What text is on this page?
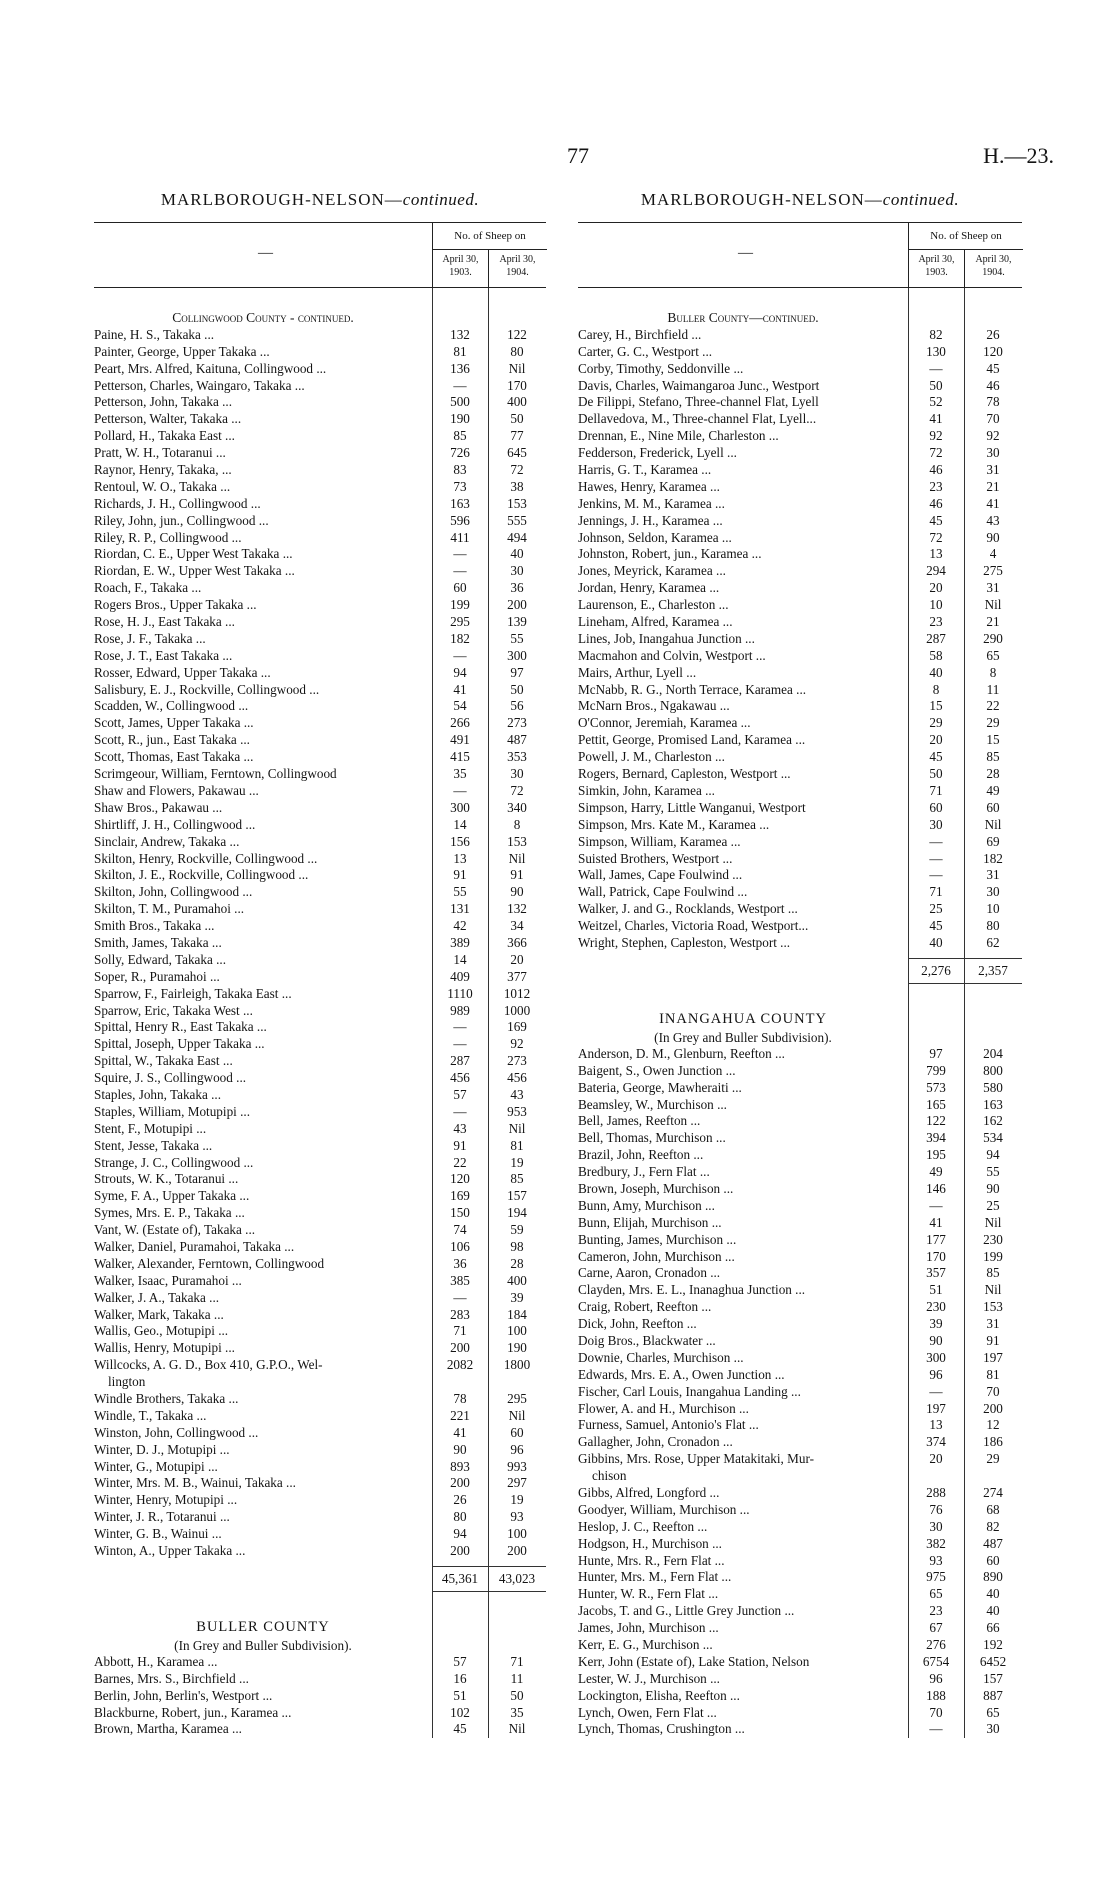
77	H.—23.
MARLBOROUGH-NELSON—continued.
—
No. of Sheep on
April 30, 1903.
April 30, 1904.
Collingwood County - continued.
Paine, H. S., Takaka ...	132	122
Painter, George, Upper Takaka ...	81	80
Peart, Mrs. Alfred, Kaituna, Collingwood ...	136	Nil
Petterson, Charles, Waingaro, Takaka ...	—	170
Petterson, John, Takaka ...	500	400
Petterson, Walter, Takaka ...	190	50
Pollard, H., Takaka East ...	85	77
Pratt, W. H., Totaranui ...	726	645
Raynor, Henry, Takaka, ...	83	72
Rentoul, W. O., Takaka ...	73	38
Richards, J. H., Collingwood ...	163	153
Riley, John, jun., Collingwood ...	596	555
Riley, R. P., Collingwood ...	411	494
Riordan, C. E., Upper West Takaka ...	—	40
Riordan, E. W., Upper West Takaka ...	—	30
Roach, F., Takaka ...	60	36
Rogers Bros., Upper Takaka ...	199	200
Rose, H. J., East Takaka ...	295	139
Rose, J. F., Takaka ...	182	55
Rose, J. T., East Takaka ...	—	300
Rosser, Edward, Upper Takaka ...	94	97
Salisbury, E. J., Rockville, Collingwood ...	41	50
Scadden, W., Collingwood ...	54	56
Scott, James, Upper Takaka ...	266	273
Scott, R., jun., East Takaka ...	491	487
Scott, Thomas, East Takaka ...	415	353
Scrimgeour, William, Ferntown, Collingwood	35	30
Shaw and Flowers, Pakawau ...	—	72
Shaw Bros., Pakawau ...	300	340
Shirtliff, J. H., Collingwood ...	14	8
Sinclair, Andrew, Takaka ...	156	153
Skilton, Henry, Rockville, Collingwood ...	13	Nil
Skilton, J. E., Rockville, Collingwood ...	91	91
Skilton, John, Collingwood ...	55	90
Skilton, T. M., Puramahoi ...	131	132
Smith Bros., Takaka ...	42	34
Smith, James, Takaka ...	389	366
Solly, Edward, Takaka ...	14	20
Soper, R., Puramahoi ...	409	377
Sparrow, F., Fairleigh, Takaka East ...	1110	1012
Sparrow, Eric, Takaka West ...	989	1000
Spittal, Henry R., East Takaka ...	—	169
Spittal, Joseph, Upper Takaka ...	—	92
Spittal, W., Takaka East ...	287	273
Squire, J. S., Collingwood ...	456	456
Staples, John, Takaka ...	57	43
Staples, William, Motupipi ...	—	953
Stent, F., Motupipi ...	43	Nil
Stent, Jesse, Takaka ...	91	81
Strange, J. C., Collingwood ...	22	19
Strouts, W. K., Totaranui ...	120	85
Syme, F. A., Upper Takaka ...	169	157
Symes, Mrs. E. P., Takaka ...	150	194
Vant, W. (Estate of), Takaka ...	74	59
Walker, Daniel, Puramahoi, Takaka ...	106	98
Walker, Alexander, Ferntown, Collingwood	36	28
Walker, Isaac, Puramahoi ...	385	400
Walker, J. A., Takaka ...	—	39
Walker, Mark, Takaka ...	283	184
Wallis, Geo., Motupipi ...	71	100
Wallis, Henry, Motupipi ...	200	190
Willcocks, A. G. D., Box 410, G.P.O., Wel-	2082	1800
lington
Windle Brothers, Takaka ...	78	295
Windle, T., Takaka ...	221	Nil
Winston, John, Collingwood ...	41	60
Winter, D. J., Motupipi ...	90	96
Winter, G., Motupipi ...	893	993
Winter, Mrs. M. B., Wainui, Takaka ...	200	297
Winter, Henry, Motupipi ...	26	19
Winter, J. R., Totaranui ...	80	93
Winter, G. B., Wainui ...	94	100
Winton, A., Upper Takaka ...	200	200
45,361	43,023
BULLER COUNTY
(In Grey and Buller Subdivision).
Abbott, H., Karamea ...	57	71
Barnes, Mrs. S., Birchfield ...	16	11
Berlin, John, Berlin's, Westport ...	51	50
Blackburne, Robert, jun., Karamea ...	102	35
Brown, Martha, Karamea ...	45	Nil
MARLBOROUGH-NELSON—continued.
—
No. of Sheep on
April 30, 1903.
April 30, 1904.
Buller County—continued.
Carey, H., Birchfield ...	82	26
Carter, G. C., Westport ...	130	120
Corby, Timothy, Seddonville ...	—	45
Davis, Charles, Waimangaroa Junc., Westport	50	46
De Filippi, Stefano, Three-channel Flat, Lyell	52	78
Dellavedova, M., Three-channel Flat, Lyell...	41	70
Drennan, E., Nine Mile, Charleston ...	92	92
Fedderson, Frederick, Lyell ...	72	30
Harris, G. T., Karamea ...	46	31
Hawes, Henry, Karamea ...	23	21
Jenkins, M. M., Karamea ...	46	41
Jennings, J. H., Karamea ...	45	43
Johnson, Seldon, Karamea ...	72	90
Johnston, Robert, jun., Karamea ...	13	4
Jones, Meyrick, Karamea ...	294	275
Jordan, Henry, Karamea ...	20	31
Laurenson, E., Charleston ...	10	Nil
Lineham, Alfred, Karamea ...	23	21
Lines, Job, Inangahua Junction ...	287	290
Macmahon and Colvin, Westport ...	58	65
Mairs, Arthur, Lyell ...	40	8
McNabb, R. G., North Terrace, Karamea ...	8	11
McNarn Bros., Ngakawau ...	15	22
O'Connor, Jeremiah, Karamea ...	29	29
Pettit, George, Promised Land, Karamea ...	20	15
Powell, J. M., Charleston ...	45	85
Rogers, Bernard, Capleston, Westport ...	50	28
Simkin, John, Karamea ...	71	49
Simpson, Harry, Little Wanganui, Westport	60	60
Simpson, Mrs. Kate M., Karamea ...	30	Nil
Simpson, William, Karamea ...	—	69
Suisted Brothers, Westport ...	—	182
Wall, James, Cape Foulwind ...	—	31
Wall, Patrick, Cape Foulwind ...	71	30
Walker, J. and G., Rocklands, Westport ...	25	10
Weitzel, Charles, Victoria Road, Westport...	45	80
Wright, Stephen, Capleston, Westport ...	40	62
2,276	2,357
INANGAHUA COUNTY
(In Grey and Buller Subdivision).
Anderson, D. M., Glenburn, Reefton ...	97	204
Baigent, S., Owen Junction ...	799	800
Bateria, George, Mawheraiti ...	573	580
Beamsley, W., Murchison ...	165	163
Bell, James, Reefton ...	122	162
Bell, Thomas, Murchison ...	394	534
Brazil, John, Reefton ...	195	94
Bredbury, J., Fern Flat ...	49	55
Brown, Joseph, Murchison ...	146	90
Bunn, Amy, Murchison ...	—	25
Bunn, Elijah, Murchison ...	41	Nil
Bunting, James, Murchison ...	177	230
Cameron, John, Murchison ...	170	199
Carne, Aaron, Cronadon ...	357	85
Clayden, Mrs. E. L., Inanaghua Junction ...	51	Nil
Craig, Robert, Reefton ...	230	153
Dick, John, Reefton ...	39	31
Doig Bros., Blackwater ...	90	91
Downie, Charles, Murchison ...	300	197
Edwards, Mrs. E. A., Owen Junction ...	96	81
Fischer, Carl Louis, Inangahua Landing ...	—	70
Flower, A. and H., Murchison ...	197	200
Furness, Samuel, Antonio's Flat ...	13	12
Gallagher, John, Cronadon ...	374	186
Gibbins, Mrs. Rose, Upper Matakitaki, Mur-	20	29
chison
Gibbs, Alfred, Longford ...	288	274
Goodyer, William, Murchison ...	76	68
Heslop, J. C., Reefton ...	30	82
Hodgson, H., Murchison ...	382	487
Hunte, Mrs. R., Fern Flat ...	93	60
Hunter, Mrs. M., Fern Flat ...	975	890
Hunter, W. R., Fern Flat ...	65	40
Jacobs, T. and G., Little Grey Junction ...	23	40
James, John, Murchison ...	67	66
Kerr, E. G., Murchison ...	276	192
Kerr, John (Estate of), Lake Station, Nelson	6754	6452
Lester, W. J., Murchison ...	96	157
Lockington, Elisha, Reefton ...	188	887
Lynch, Owen, Fern Flat ...	70	65
Lynch, Thomas, Crushington ...	—	30
